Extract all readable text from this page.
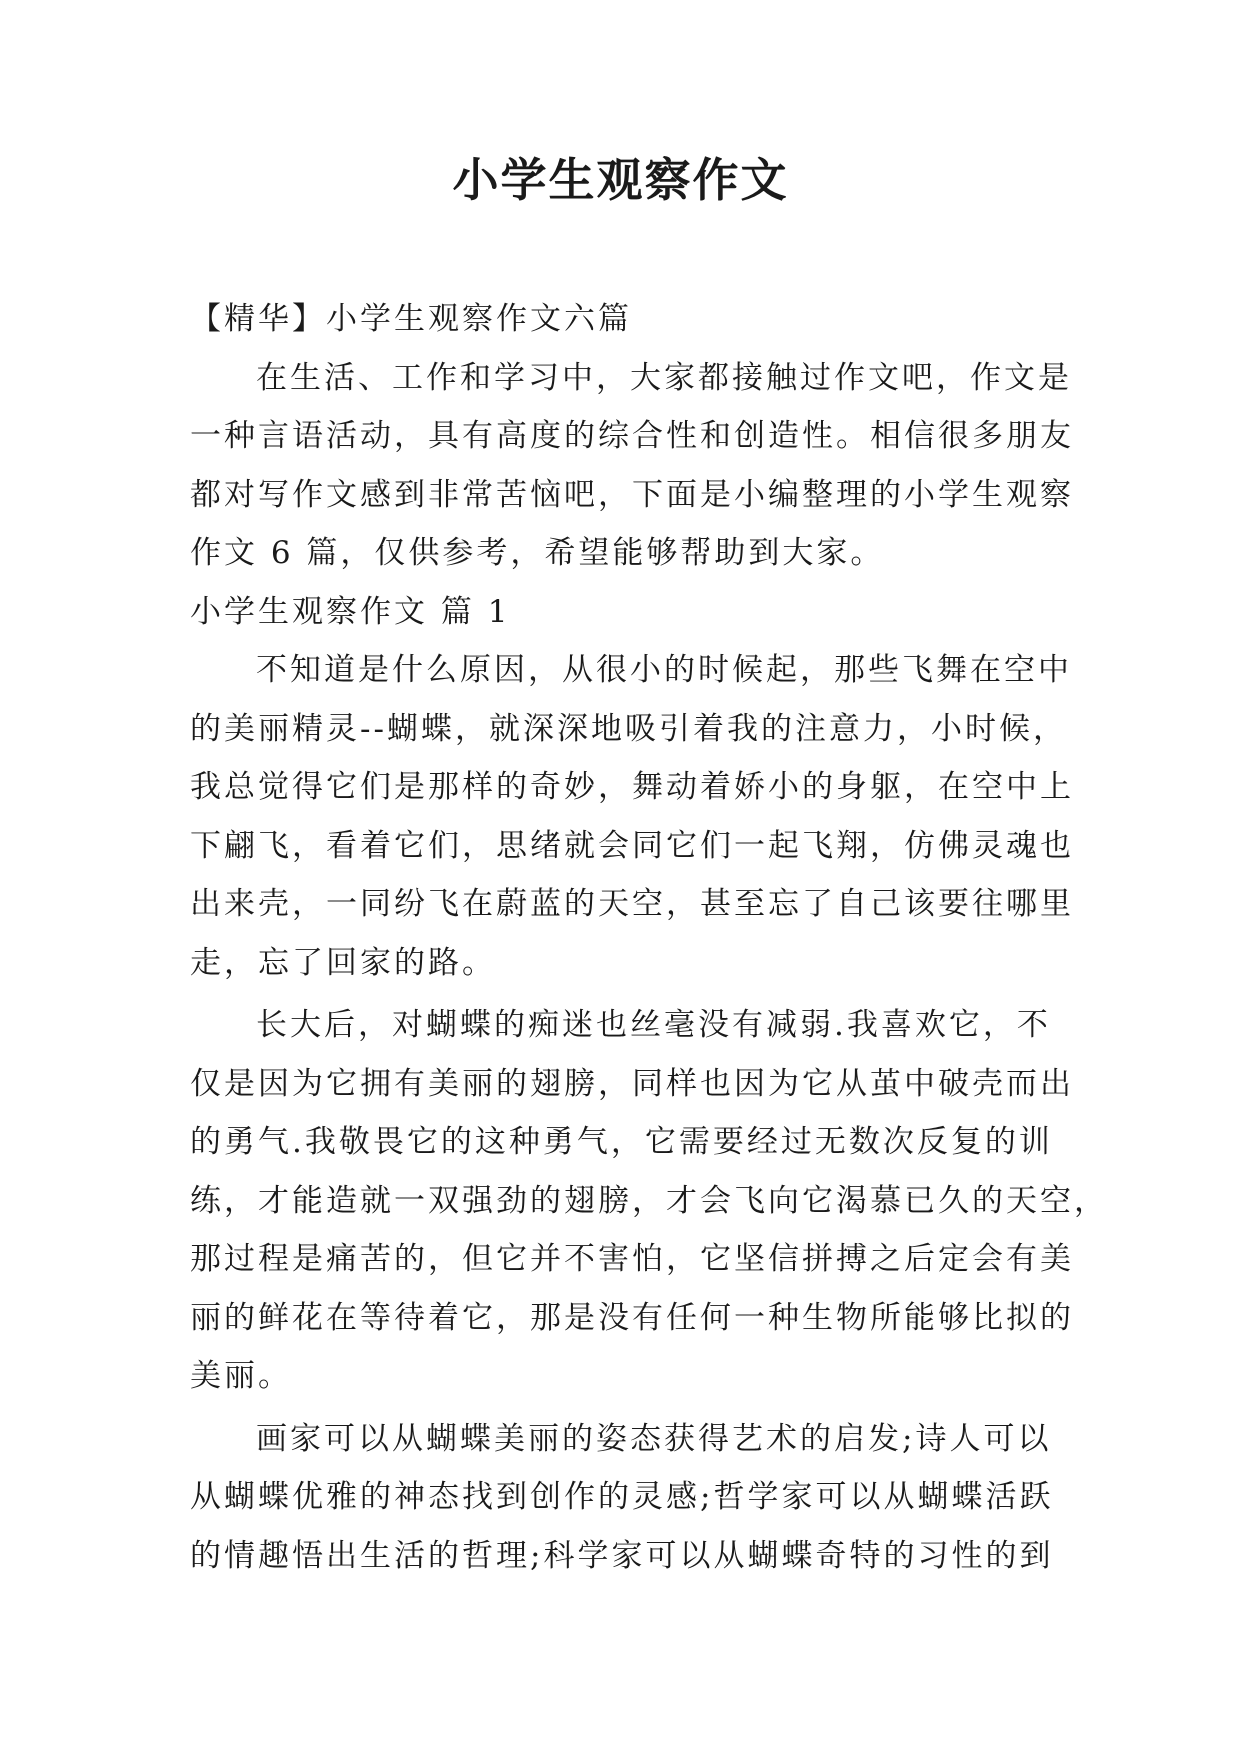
小学生观察作文
【精华】小学生观察作文六篇
在生活、工作和学习中，大家都接触过作文吧，作文是
一种言语活动，具有高度的综合性和创造性。相信很多朋友
都对写作文感到非常苦恼吧，下面是小编整理的小学生观察
作文 6 篇，仅供参考，希望能够帮助到大家。
小学生观察作文 篇 1
不知道是什么原因，从很小的时候起，那些飞舞在空中
的美丽精灵--蝴蝶，就深深地吸引着我的注意力，小时候，
我总觉得它们是那样的奇妙，舞动着娇小的身躯，在空中上
下翩飞，看着它们，思绪就会同它们一起飞翔，仿佛灵魂也
出来壳，一同纷飞在蔚蓝的天空，甚至忘了自己该要往哪里
走，忘了回家的路。
长大后，对蝴蝶的痴迷也丝毫没有减弱.我喜欢它，不
仅是因为它拥有美丽的翅膀，同样也因为它从茧中破壳而出
的勇气.我敬畏它的这种勇气，它需要经过无数次反复的训
练，才能造就一双强劲的翅膀，才会飞向它渴慕已久的天空，
那过程是痛苦的，但它并不害怕，它坚信拼搏之后定会有美
丽的鲜花在等待着它，那是没有任何一种生物所能够比拟的
美丽。
画家可以从蝴蝶美丽的姿态获得艺术的启发;诗人可以
从蝴蝶优雅的神态找到创作的灵感;哲学家可以从蝴蝶活跃
的情趣悟出生活的哲理;科学家可以从蝴蝶奇特的习性的到
